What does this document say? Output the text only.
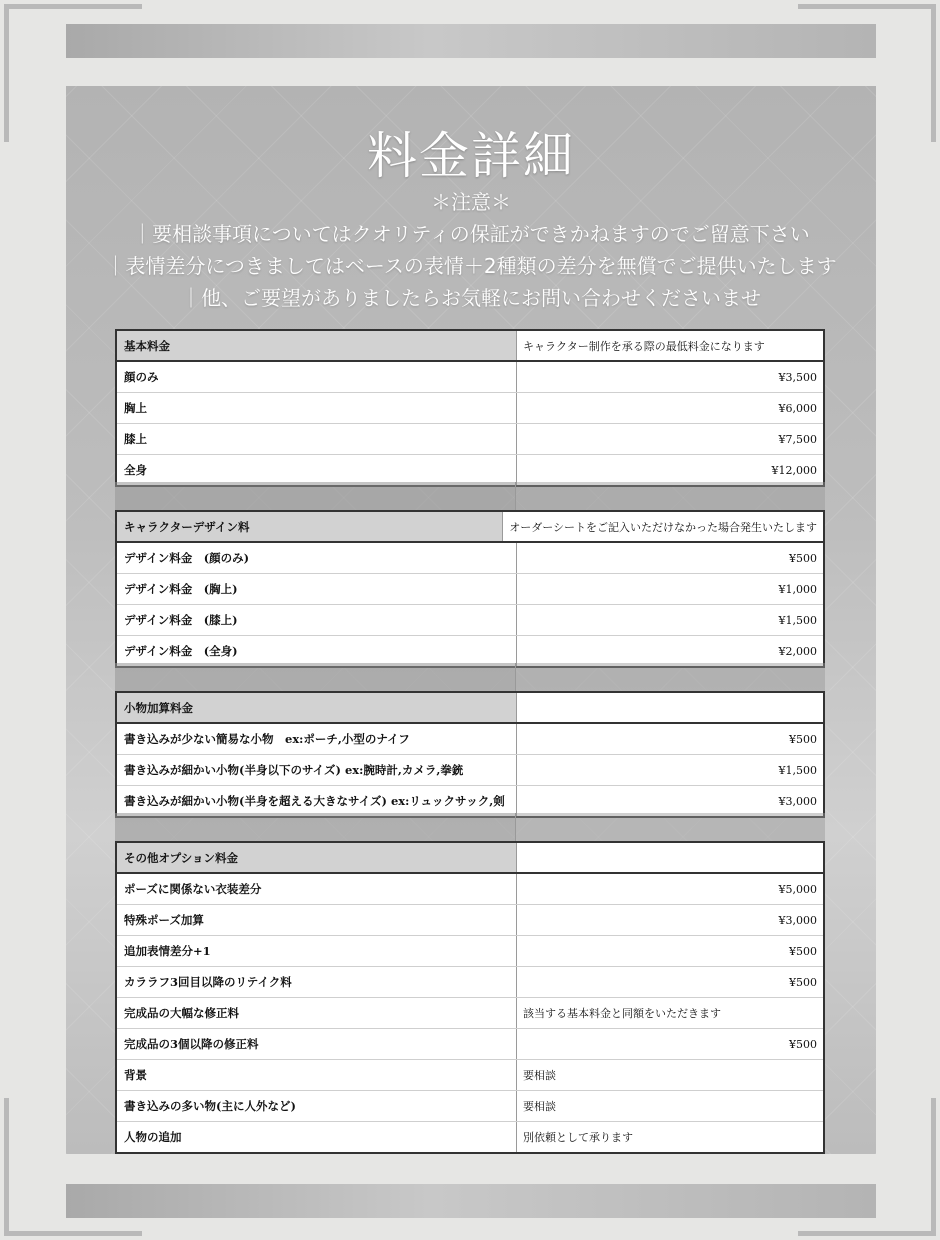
料金詳細
＊注意＊
｜要相談事項についてはクオリティの保証ができかねますのでご留意下さい
｜表情差分につきましてはベースの表情＋2種類の差分を無償でご提供いたします
｜他、ご要望がありましたらお気軽にお問い合わせくださいませ
基本料金	キャラクター制作を承る際の最低料金になります
顔のみ	¥3,500
胸上	¥6,000
膝上	¥7,500
全身	¥12,000
キャラクターデザイン料	オーダーシートをご記入いただけなかった場合発生いたします
デザイン料金　(顔のみ)	¥500
デザイン料金　(胸上)	¥1,000
デザイン料金　(膝上)	¥1,500
デザイン料金　(全身)	¥2,000
小物加算料金
書き込みが少ない簡易な小物　ex:ポーチ,小型のナイフ	¥500
書き込みが細かい小物(半身以下のサイズ) ex:腕時計,カメラ,拳銃	¥1,500
書き込みが細かい小物(半身を超える大きなサイズ) ex:リュックサック,剣	¥3,000
その他オプション料金
ポーズに関係ない衣装差分	¥5,000
特殊ポーズ加算	¥3,000
追加表情差分+1	¥500
カララフ3回目以降のリテイク料	¥500
完成品の大幅な修正料	該当する基本料金と同額をいただきます
完成品の3個以降の修正料	¥500
背景	要相談
書き込みの多い物(主に人外など)	要相談
人物の追加	別依頼として承ります
